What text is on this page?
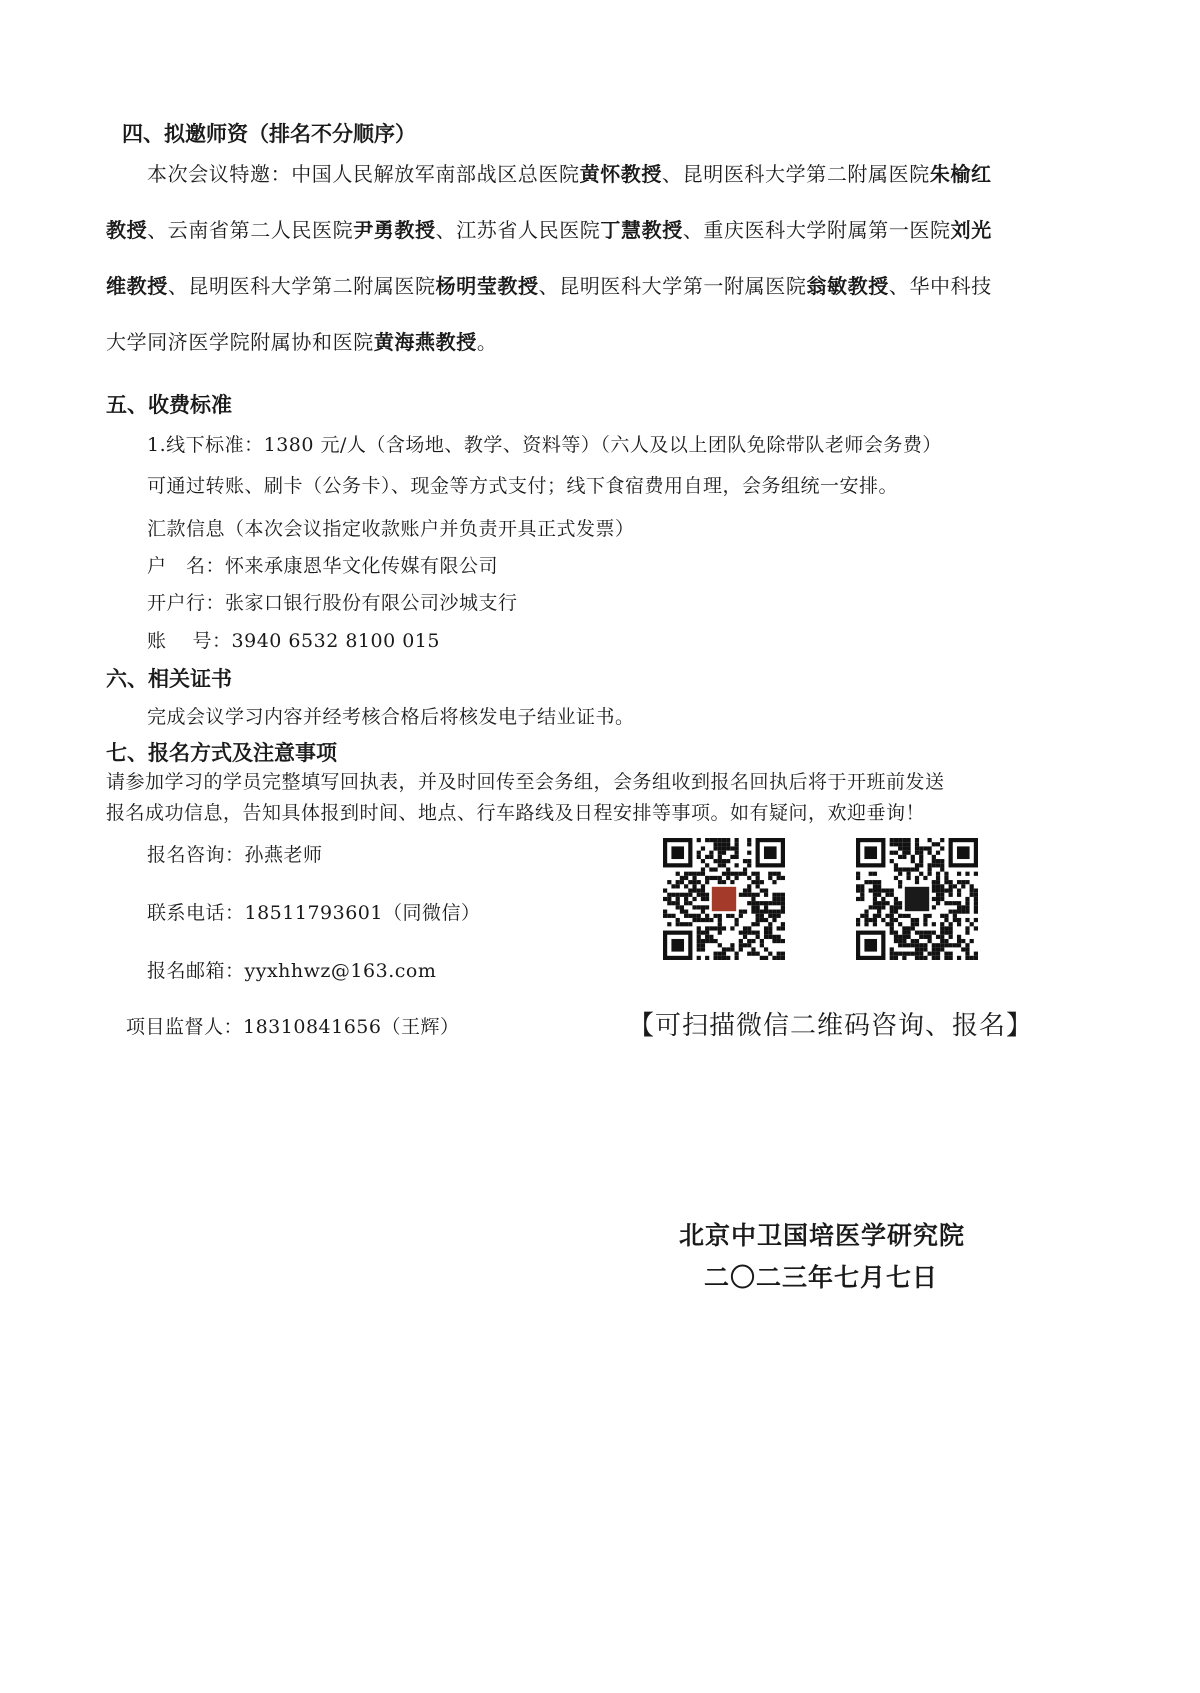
四、拟邀师资（排名不分顺序）
本次会议特邀：中国人民解放军南部战区总医院黄怀教授、昆明医科大学第二附属医院朱榆红
教授、云南省第二人民医院尹勇教授、江苏省人民医院丁慧教授、重庆医科大学附属第一医院刘光
维教授、昆明医科大学第二附属医院杨明莹教授、昆明医科大学第一附属医院翁敏教授、华中科技
大学同济医学院附属协和医院黄海燕教授。
五、收费标准
1.线下标准：1380 元/人（含场地、教学、资料等）（六人及以上团队免除带队老师会务费）
可通过转账、刷卡（公务卡）、现金等方式支付；线下食宿费用自理，会务组统一安排。
汇款信息（本次会议指定收款账户并负责开具正式发票）
户　名：怀来承康恩华文化传媒有限公司
开户行：张家口银行股份有限公司沙城支行
账　 号：3940 6532 8100 015
六、相关证书
完成会议学习内容并经考核合格后将核发电子结业证书。
七、报名方式及注意事项
请参加学习的学员完整填写回执表，并及时回传至会务组，会务组收到报名回执后将于开班前发送
报名成功信息，告知具体报到时间、地点、行车路线及日程安排等事项。如有疑问，欢迎垂询！
报名咨询：孙燕老师
联系电话：18511793601（同微信）
报名邮箱：yyxhhwz@163.com
项目监督人：18310841656（王辉）	【可扫描微信二维码咨询、报名】
北京中卫国培医学研究院
二〇二三年七月七日
